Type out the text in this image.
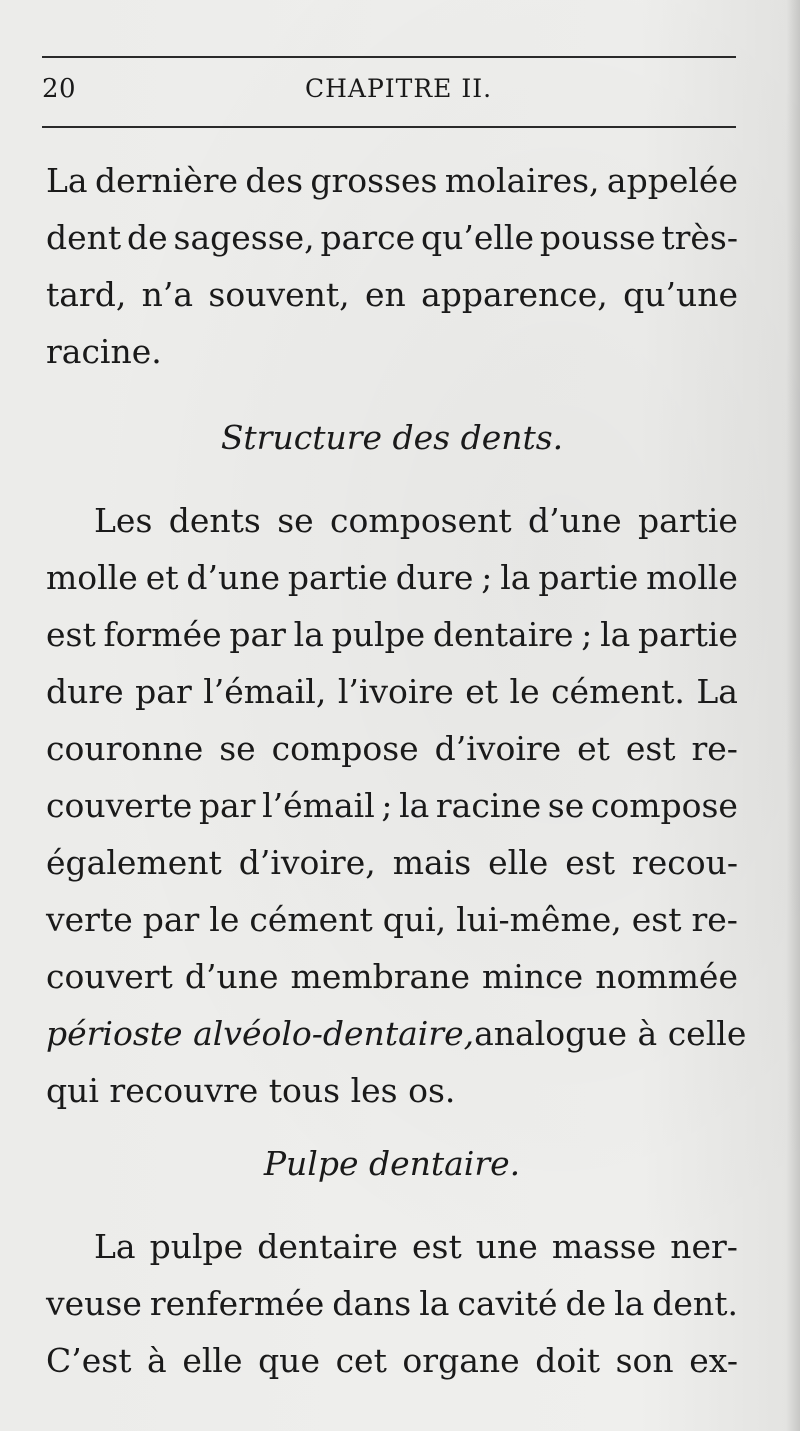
20	CHAPITRE II.
La dernière des grosses molaires, appelée
dent de sagesse, parce qu’elle pousse très-
tard, n’a souvent, en apparence, qu’une
racine.
Structure des dents.
Les dents se composent d’une partie
molle et d’une partie dure ; la partie molle
est formée par la pulpe dentaire ; la partie
dure par l’émail, l’ivoire et le cément. La
couronne se compose d’ivoire et est re-
couverte par l’émail ; la racine se compose
également d’ivoire, mais elle est recou-
verte par le cément qui, lui-même, est re-
couvert d’une membrane mince nommée
périoste alvéolo-dentaire, analogue à celle
qui recouvre tous les os.
Pulpe dentaire.
La pulpe dentaire est une masse ner-
veuse renfermée dans la cavité de la dent.
C’est à elle que cet organe doit son ex-
